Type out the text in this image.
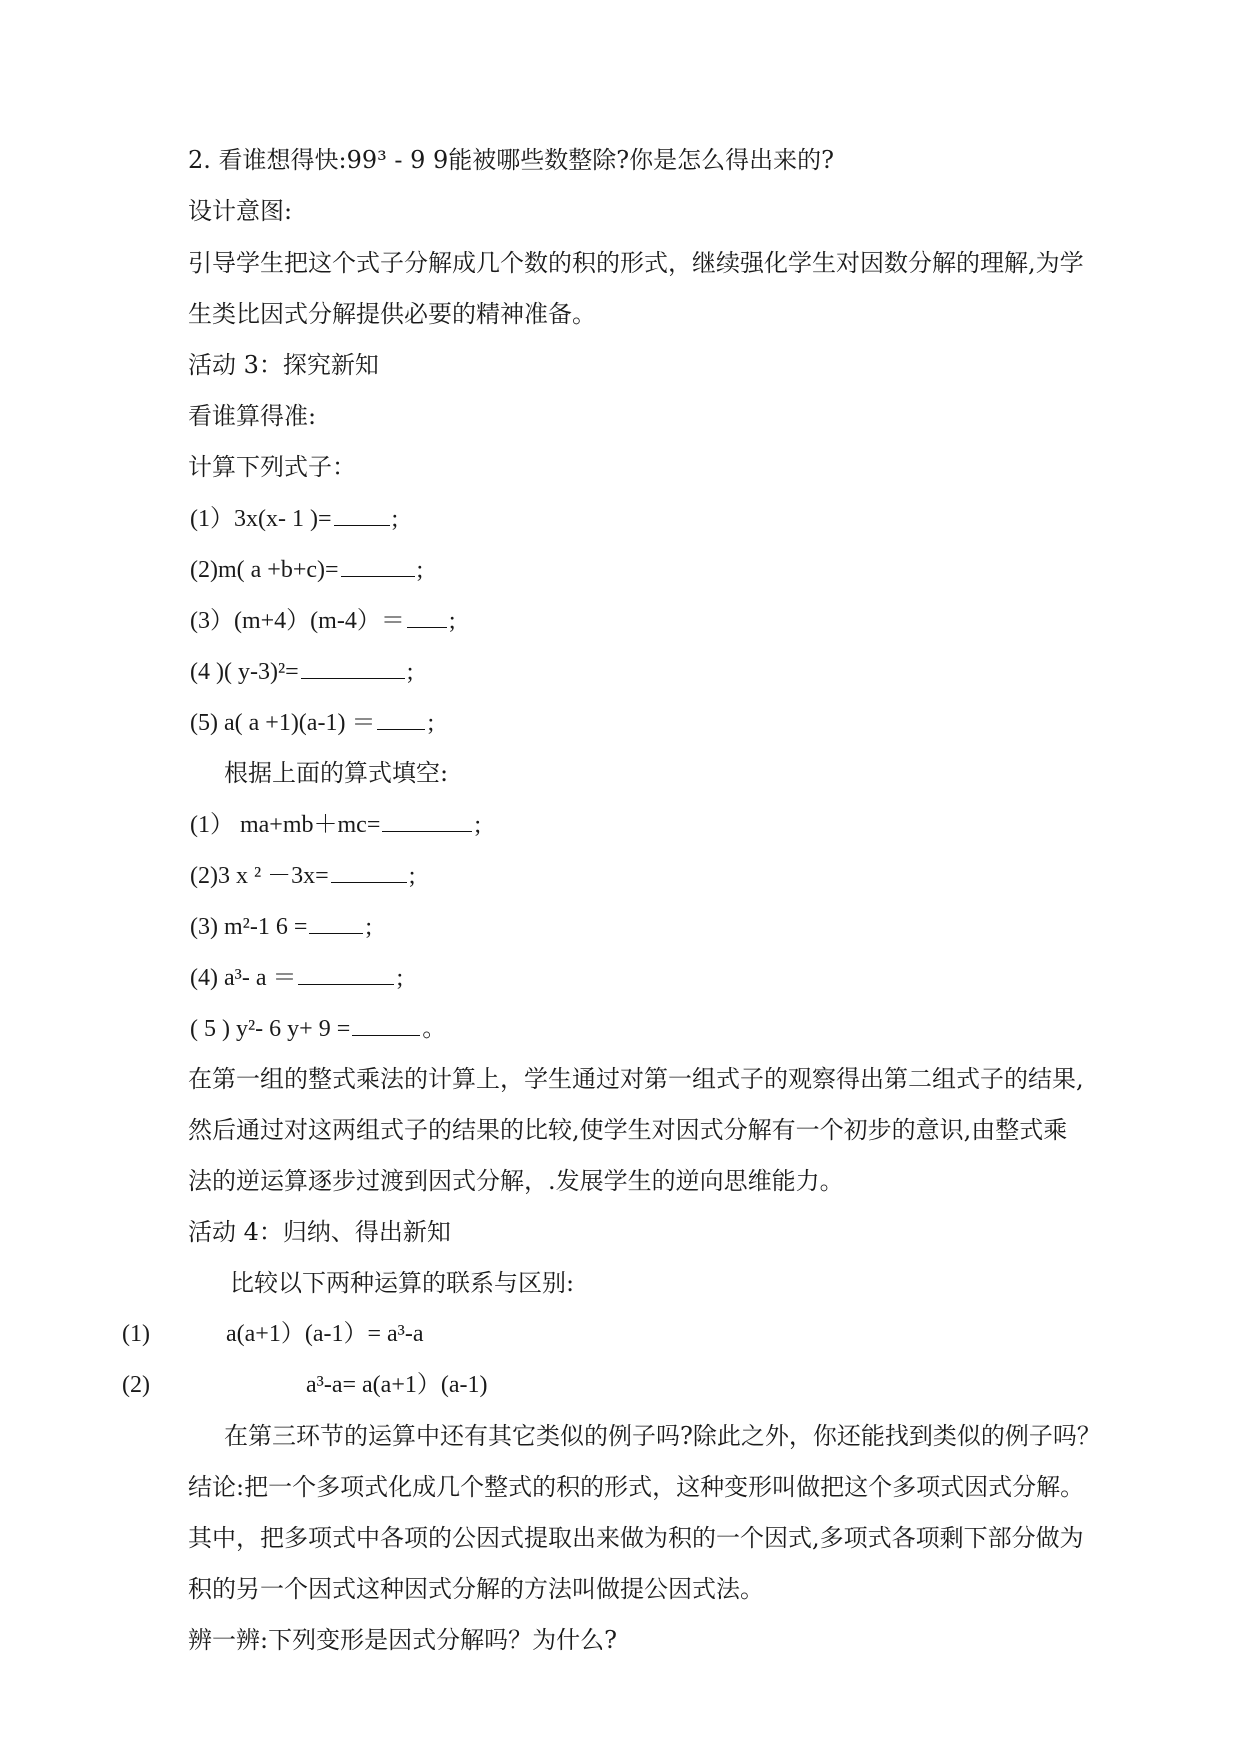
2. 看谁想得快:99³ - 9 9能被哪些数整除?你是怎么得出来的?
设计意图:
引导学生把这个式子分解成几个数的积的形式，继续强化学生对因数分解的理解,为学
生类比因式分解提供必要的精神准备。
活动 3：探究新知
看谁算得准:
计算下列式子：
(1）3x(x- 1 )=	;
(2)m( a +b+c)=	;
(3）(m+4）(m-4）＝ ;
(4 )( y-3)²=	;
(5) a( a +1)(a-1) ＝ ;
根据上面的算式填空:
(1） ma+mb＋mc=	;
(2)3 x ² －3x=	;
(3) m²-1 6 = ;
(4) a³- a ＝	;
( 5 ) y²- 6 y+ 9 =	。
在第一组的整式乘法的计算上，学生通过对第一组式子的观察得出第二组式子的结果,
然后通过对这两组式子的结果的比较,使学生对因式分解有一个初步的意识,由整式乘
法的逆运算逐步过渡到因式分解，.发展学生的逆向思维能力。
活动 4：归纳、得出新知
比较以下两种运算的联系与区别:
(1)	a(a+1）(a-1）= a³-a
(2)	a³-a= a(a+1）(a-1)
在第三环节的运算中还有其它类似的例子吗?除此之外，你还能找到类似的例子吗？
结论:把一个多项式化成几个整式的积的形式，这种变形叫做把这个多项式因式分解。
其中，把多项式中各项的公因式提取出来做为积的一个因式,多项式各项剩下部分做为
积的另一个因式这种因式分解的方法叫做提公因式法。
辨一辨:下列变形是因式分解吗？为什么?
